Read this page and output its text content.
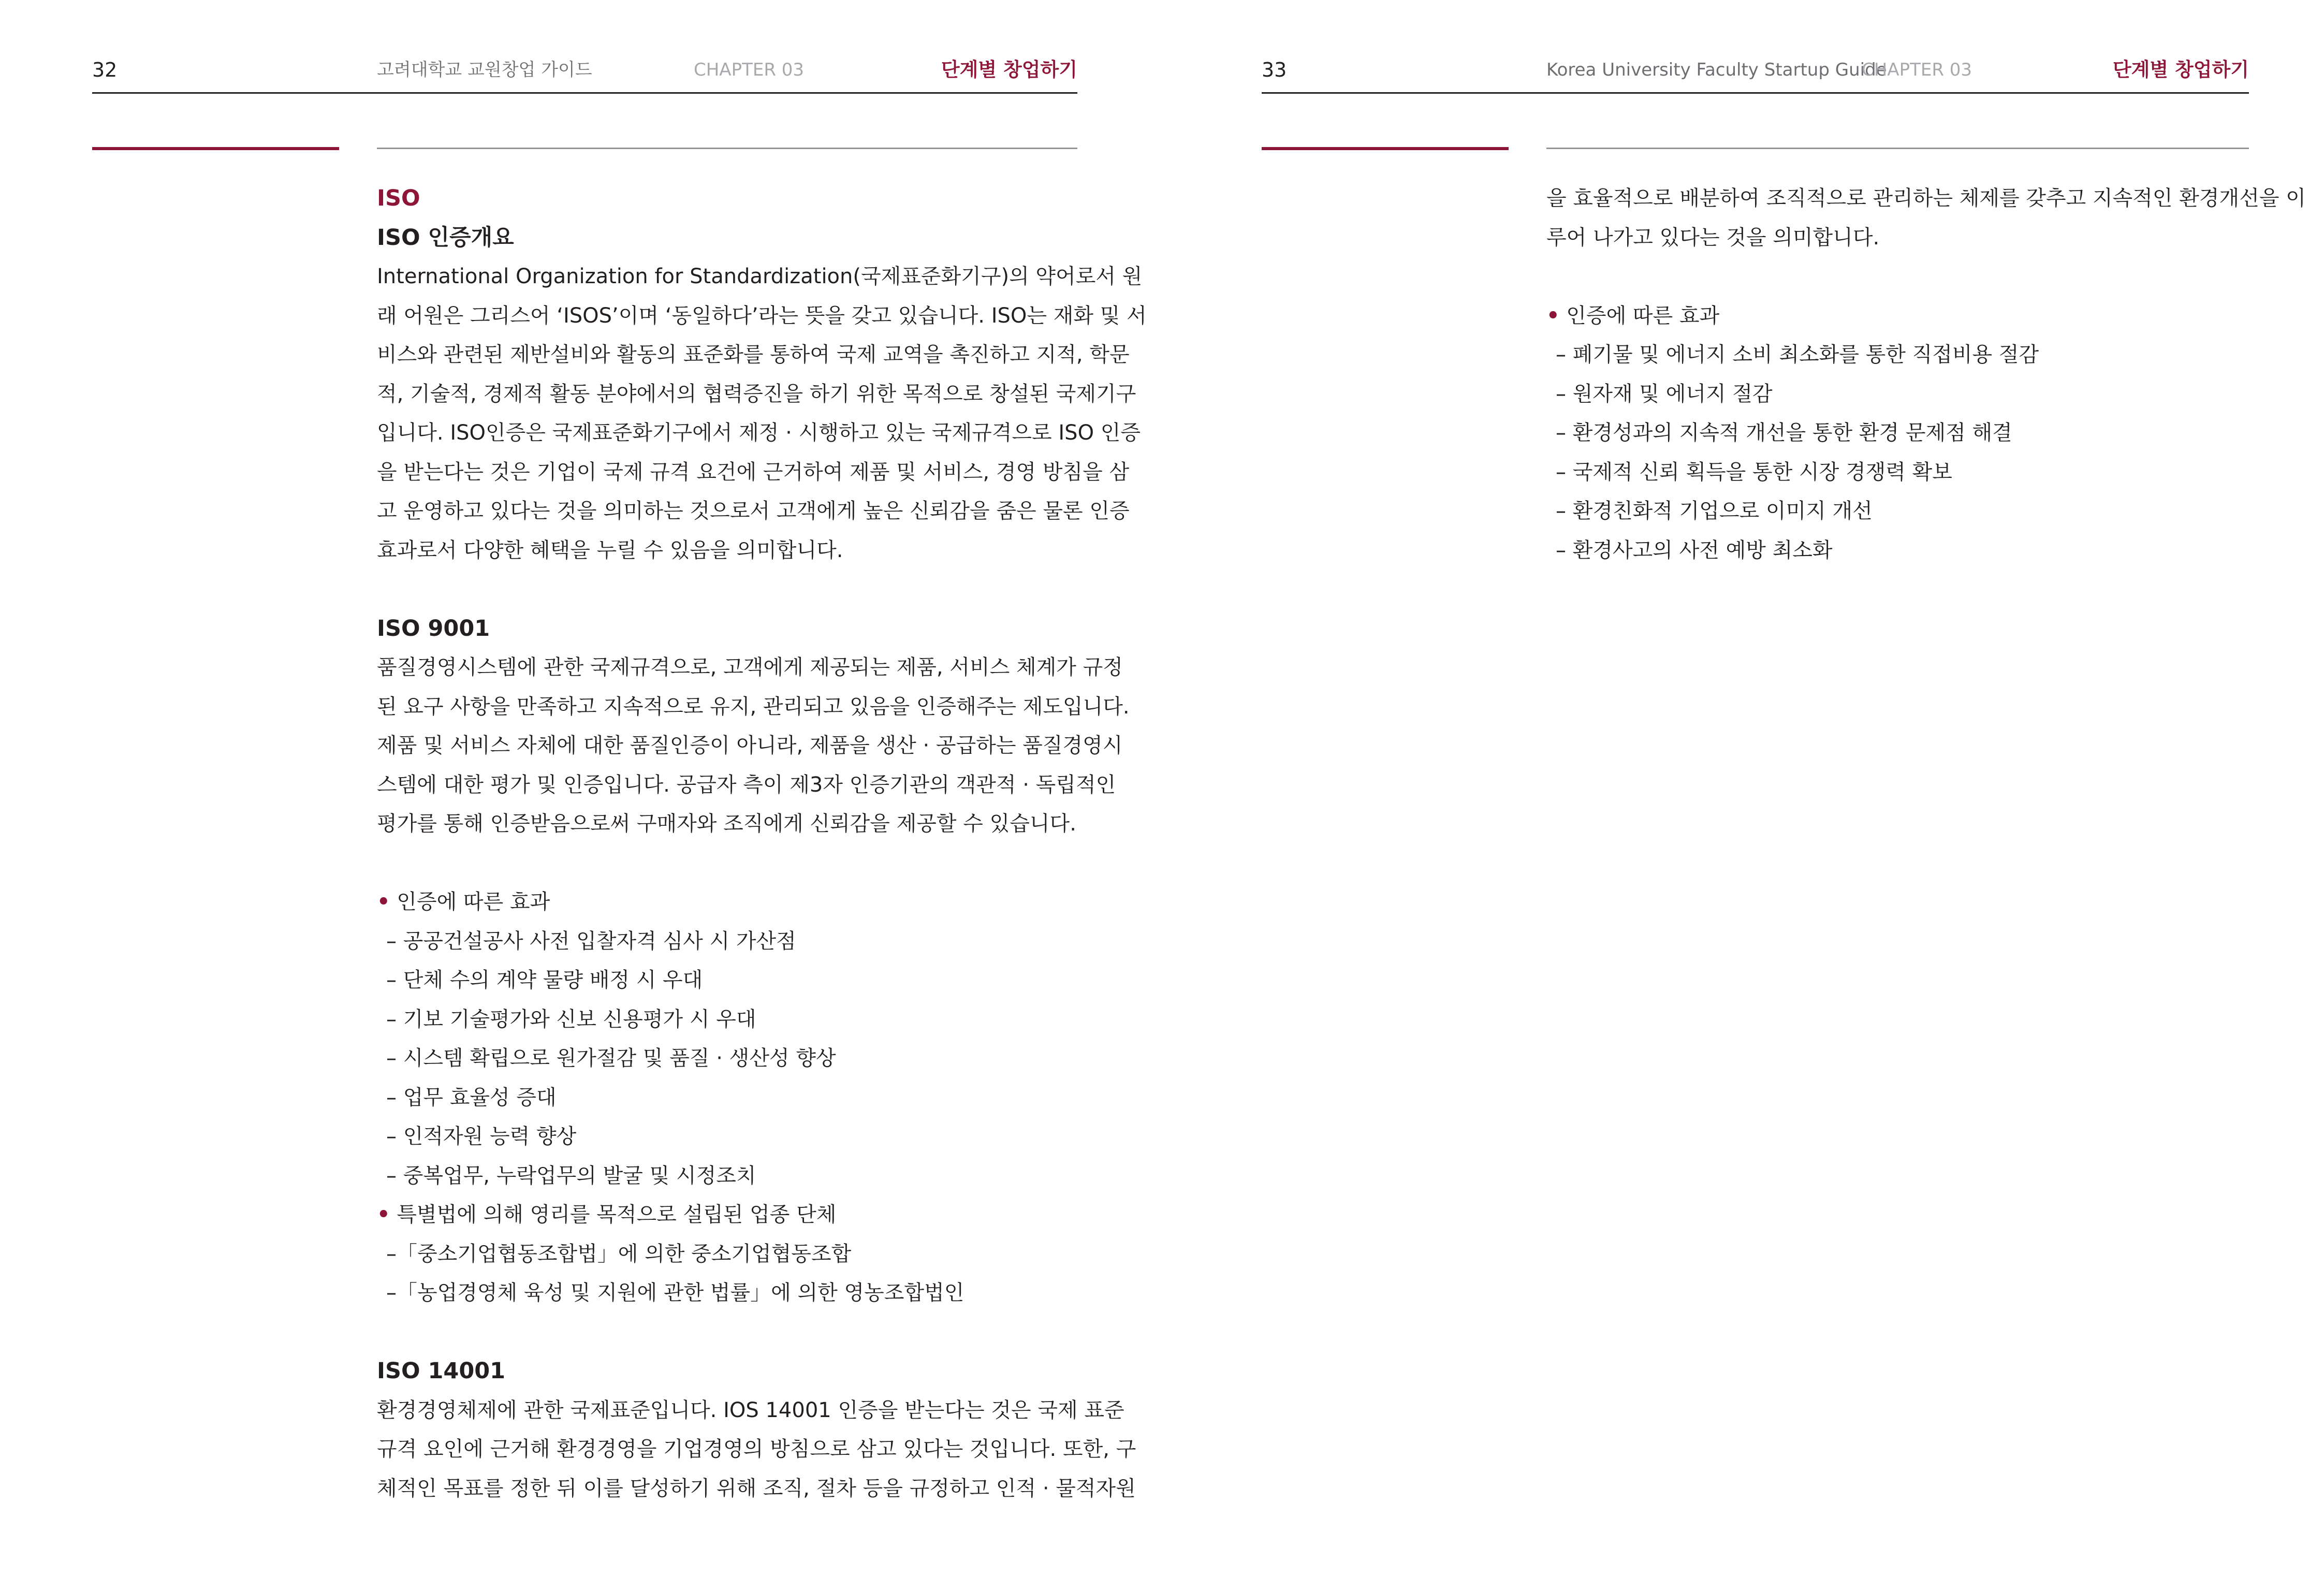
32	고려대학교 교원창업 가이드	CHAPTER 03	단계별 창업하기
ISO
ISO 인증개요
International Organization for Standardization(국제표준화기구)의 약어로서 원
래 어원은 그리스어 ‘ISOS’이며 ‘동일하다’라는 뜻을 갖고 있습니다. ISO는 재화 및 서
비스와 관련된 제반설비와 활동의 표준화를 통하여 국제 교역을 촉진하고 지적, 학문
적, 기술적, 경제적 활동 분야에서의 협력증진을 하기 위한 목적으로 창설된 국제기구
입니다. ISO인증은 국제표준화기구에서 제정 · 시행하고 있는 국제규격으로 ISO 인증
을 받는다는 것은 기업이 국제 규격 요건에 근거하여 제품 및 서비스, 경영 방침을 삼
고 운영하고 있다는 것을 의미하는 것으로서 고객에게 높은 신뢰감을 줌은 물론 인증
효과로서 다양한 혜택을 누릴 수 있음을 의미합니다.
ISO 9001
품질경영시스템에 관한 국제규격으로, 고객에게 제공되는 제품, 서비스 체계가 규정
된 요구 사항을 만족하고 지속적으로 유지, 관리되고 있음을 인증해주는 제도입니다.
제품 및 서비스 자체에 대한 품질인증이 아니라, 제품을 생산 · 공급하는 품질경영시
스템에 대한 평가 및 인증입니다. 공급자 측이 제3자 인증기관의 객관적 · 독립적인
평가를 통해 인증받음으로써 구매자와 조직에게 신뢰감을 제공할 수 있습니다.
• 인증에 따른 효과
– 공공건설공사 사전 입찰자격 심사 시 가산점
– 단체 수의 계약 물량 배정 시 우대
– 기보 기술평가와 신보 신용평가 시 우대
– 시스템 확립으로 원가절감 및 품질 · 생산성 향상
– 업무 효율성 증대
– 인적자원 능력 향상
– 중복업무, 누락업무의 발굴 및 시정조치
• 특별법에 의해 영리를 목적으로 설립된 업종 단체
–「중소기업협동조합법」에 의한 중소기업협동조합
–「농업경영체 육성 및 지원에 관한 법률」에 의한 영농조합법인
ISO 14001
환경경영체제에 관한 국제표준입니다. IOS 14001 인증을 받는다는 것은 국제 표준
규격 요인에 근거해 환경경영을 기업경영의 방침으로 삼고 있다는 것입니다. 또한, 구
체적인 목표를 정한 뒤 이를 달성하기 위해 조직, 절차 등을 규정하고 인적 · 물적자원
33	Korea University Faculty Startup Guide
CHAPTER 03	단계별 창업하기
을 효율적으로 배분하여 조직적으로 관리하는 체제를 갖추고 지속적인 환경개선을 이
루어 나가고 있다는 것을 의미합니다.
• 인증에 따른 효과
– 폐기물 및 에너지 소비 최소화를 통한 직접비용 절감
– 원자재 및 에너지 절감
– 환경성과의 지속적 개선을 통한 환경 문제점 해결
– 국제적 신뢰 획득을 통한 시장 경쟁력 확보
– 환경친화적 기업으로 이미지 개선
– 환경사고의 사전 예방 최소화
